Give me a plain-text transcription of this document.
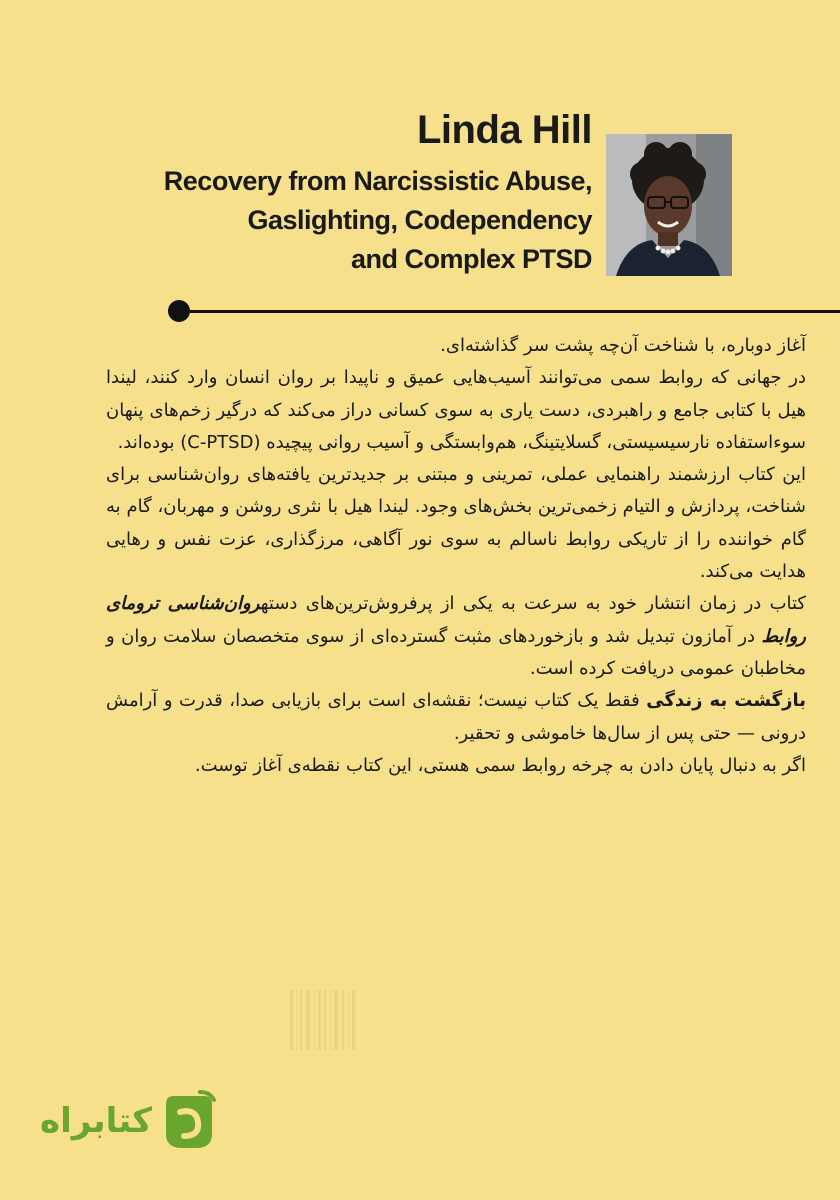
Linda Hill
Recovery from Narcissistic Abuse,
Gaslighting, Codependency
and Complex PTSD

آغاز دوباره، با شناخت آن‌چه پشت سر گذاشته‌ای.

در جهانی که روابط سمی می‌توانند آسیب‌هایی عمیق و ناپیدا بر روان انسان وارد کنند، لیندا هیل با کتابی جامع و راهبردی، دست یاری به سوی کسانی دراز می‌کند که درگیر زخم‌های پنهان سوءاستفاده نارسیسیستی، گسلایتینگ، هم‌وابستگی و آسیب روانی پیچیده (C-PTSD) بوده‌اند.

این کتاب ارزشمند راهنمایی عملی، تمرینی و مبتنی بر جدیدترین یافته‌های روان‌شناسی برای شناخت، پردازش و التیام زخمی‌ترین بخش‌های وجود. لیندا هیل با نثری روشن و مهربان، گام به گام خواننده را از تاریکی روابط ناسالم به سوی نور آگاهی، مرزگذاری، عزت نفس و رهایی هدایت می‌کند.

کتاب در زمان انتشار خود به سرعت به یکی از پرفروش‌ترین‌های دستهروان‌شناسی ترومای روابط در آمازون تبدیل شد و بازخوردهای مثبت گسترده‌ای از سوی متخصصان سلامت روان و مخاطبان عمومی دریافت کرده است.

بازگشت به زندگی فقط یک کتاب نیست؛ نقشه‌ای است برای بازیابی صدا، قدرت و آرامش درونی — حتی پس از سال‌ها خاموشی و تحقیر.

اگر به دنبال پایان دادن به چرخه روابط سمی هستی، این کتاب نقطه‌ی آغاز توست.

کتابراه
